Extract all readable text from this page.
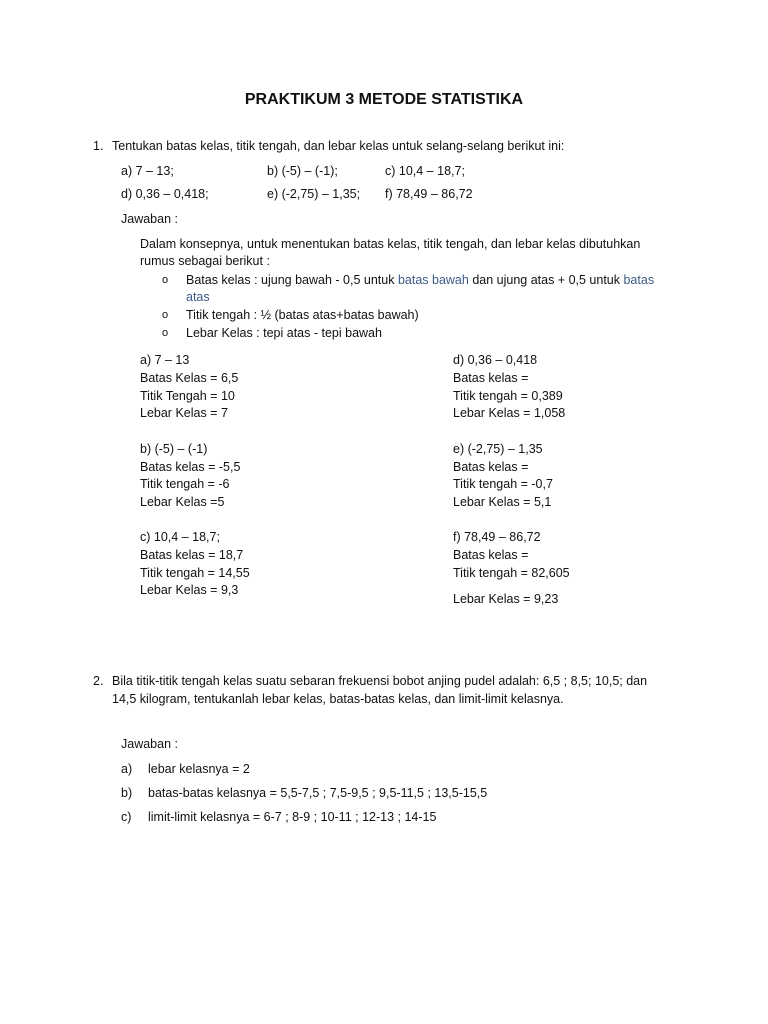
PRAKTIKUM 3 METODE STATISTIKA
1. Tentukan batas kelas, titik tengah, dan lebar kelas untuk selang-selang berikut ini:
a) 7 – 13;	b) (-5) – (-1);	c) 10,4 – 18,7;
d) 0,36 – 0,418;	e) (-2,75) – 1,35; f) 78,49 – 86,72
Jawaban :
Dalam konsepnya, untuk menentukan batas kelas, titik tengah, dan lebar kelas dibutuhkan
rumus sebagai berikut :
o Batas kelas : ujung bawah - 0,5 untuk batas bawah dan ujung atas + 0,5 untuk batas
atas
o Titik tengah : ½ (batas atas+batas bawah)
o Lebar Kelas : tepi atas - tepi bawah
a) 7 – 13
Batas Kelas = 6,5
Titik Tengah = 10
Lebar Kelas = 7
b) (-5) – (-1)
Batas kelas = -5,5
Titik tengah = -6
Lebar Kelas =5
c) 10,4 – 18,7;
Batas kelas = 18,7
Titik tengah = 14,55
Lebar Kelas = 9,3
d) 0,36 – 0,418
Batas kelas =
Titik tengah = 0,389
Lebar Kelas = 1,058
e) (-2,75) – 1,35
Batas kelas =
Titik tengah = -0,7
Lebar Kelas = 5,1
f) 78,49 – 86,72
Batas kelas =
Titik tengah = 82,605
Lebar Kelas = 9,23
2. Bila titik-titik tengah kelas suatu sebaran frekuensi bobot anjing pudel adalah: 6,5 ; 8,5; 10,5; dan
14,5 kilogram, tentukanlah lebar kelas, batas-batas kelas, dan limit-limit kelasnya.
Jawaban :
a) lebar kelasnya = 2
b) batas-batas kelasnya = 5,5-7,5 ; 7,5-9,5 ; 9,5-11,5 ; 13,5-15,5
c) limit-limit kelasnya = 6-7 ; 8-9 ; 10-11 ; 12-13 ; 14-15
